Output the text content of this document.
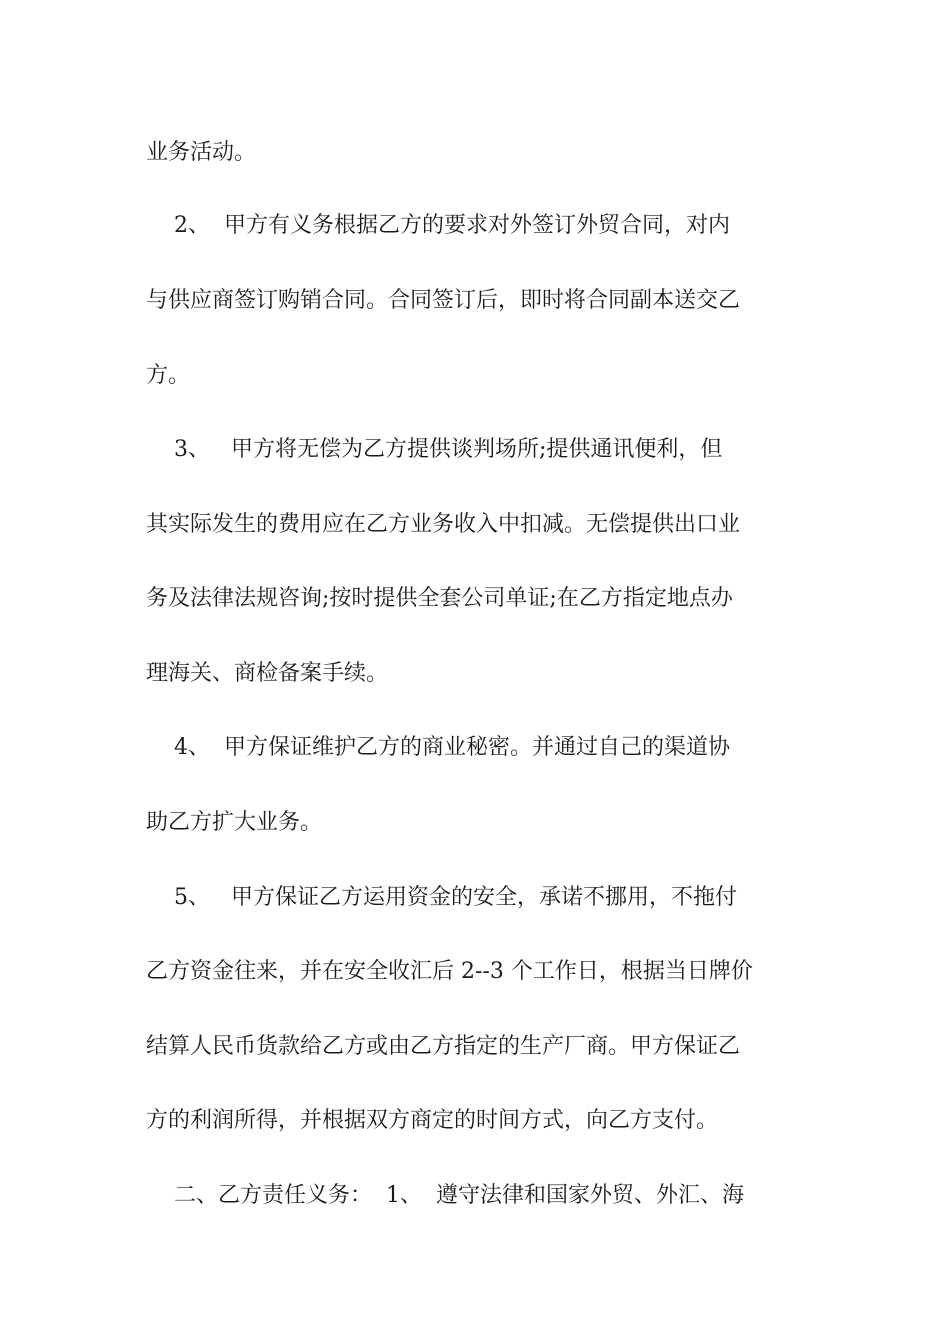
业务活动。
2、  甲方有义务根据乙方的要求对外签订外贸合同，对内
与供应商签订购销合同。合同签订后，即时将合同副本送交乙
方。
3、   甲方将无偿为乙方提供谈判场所;提供通讯便利，但
其实际发生的费用应在乙方业务收入中扣减。无偿提供出口业
务及法律法规咨询;按时提供全套公司单证;在乙方指定地点办
理海关、商检备案手续。
4、  甲方保证维护乙方的商业秘密。并通过自己的渠道协
助乙方扩大业务。
5、   甲方保证乙方运用资金的安全，承诺不挪用，不拖付
乙方资金往来，并在安全收汇后 2--3 个工作日，根据当日牌价
结算人民币货款给乙方或由乙方指定的生产厂商。甲方保证乙
方的利润所得，并根据双方商定的时间方式，向乙方支付。
二、乙方责任义务：  1、  遵守法律和国家外贸、外汇、海
